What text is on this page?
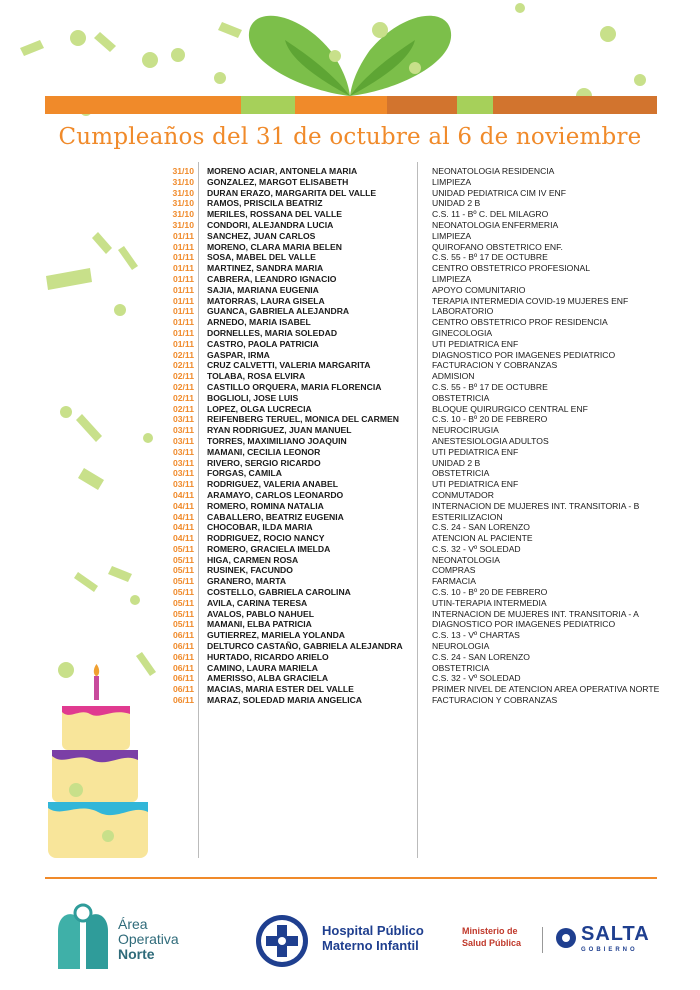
Cumpleaños del 31 de octubre al 6 de noviembre
31/10 MORENO ACIAR, ANTONELA MARIA	NEONATOLOGIA RESIDENCIA
31/10 GONZALEZ, MARGOT ELISABETH	LIMPIEZA
31/10 DURAN ERAZO, MARGARITA DEL VALLE	UNIDAD PEDIATRICA CIM IV ENF
31/10 RAMOS, PRISCILA BEATRIZ	UNIDAD 2 B
31/10 MERILES, ROSSANA DEL VALLE	C.S. 11 - Bº C. DEL MILAGRO
31/10 CONDORI, ALEJANDRA LUCIA	NEONATOLOGIA ENFERMERIA
01/11 SANCHEZ, JUAN CARLOS	LIMPIEZA
01/11 MORENO, CLARA MARIA BELEN	QUIROFANO OBSTETRICO ENF.
01/11 SOSA, MABEL DEL VALLE	C.S. 55 - Bº 17 DE OCTUBRE
01/11 MARTINEZ, SANDRA MARIA	CENTRO OBSTETRICO PROFESIONAL
01/11 CABRERA, LEANDRO IGNACIO	LIMPIEZA
01/11 SAJIA, MARIANA EUGENIA	APOYO COMUNITARIO
01/11 MATORRAS, LAURA GISELA	TERAPIA INTERMEDIA COVID-19 MUJERES ENF
01/11 GUANCA, GABRIELA ALEJANDRA	LABORATORIO
01/11 ARNEDO, MARIA ISABEL	CENTRO OBSTETRICO PROF RESIDENCIA
01/11 DORNELLES, MARIA SOLEDAD	GINECOLOGIA
01/11 CASTRO, PAOLA PATRICIA	UTI PEDIATRICA ENF
02/11 GASPAR, IRMA	DIAGNOSTICO POR IMAGENES PEDIATRICO
02/11 CRUZ CALVETTI, VALERIA MARGARITA	FACTURACION Y COBRANZAS
02/11 TOLABA, ROSA ELVIRA	ADMISION
02/11 CASTILLO ORQUERA, MARIA FLORENCIA	C.S. 55 - Bº 17 DE OCTUBRE
02/11 BOGLIOLI, JOSE LUIS	OBSTETRICIA
02/11 LOPEZ, OLGA LUCRECIA	BLOQUE QUIRURGICO CENTRAL ENF
03/11 REIFENBERG TERUEL, MONICA DEL CARMEN	C.S. 10 - Bº 20 DE FEBRERO
03/11 RYAN RODRIGUEZ, JUAN MANUEL	NEUROCIRUGIA
03/11 TORRES, MAXIMILIANO JOAQUIN	ANESTESIOLOGIA ADULTOS
03/11 MAMANI, CECILIA LEONOR	UTI PEDIATRICA ENF
03/11 RIVERO, SERGIO RICARDO	UNIDAD 2 B
03/11 FORGAS, CAMILA	OBSTETRICIA
03/11 RODRIGUEZ, VALERIA ANABEL	UTI PEDIATRICA ENF
04/11 ARAMAYO, CARLOS LEONARDO	CONMUTADOR
04/11 ROMERO, ROMINA NATALIA	INTERNACION DE MUJERES INT. TRANSITORIA - B
04/11 CABALLERO, BEATRIZ EUGENIA	ESTERILIZACION
04/11 CHOCOBAR, ILDA MARIA	C.S. 24 - SAN LORENZO
04/11 RODRIGUEZ, ROCIO NANCY	ATENCION AL PACIENTE
05/11 ROMERO, GRACIELA IMELDA	C.S. 32 - Vº SOLEDAD
05/11 HIGA, CARMEN ROSA	NEONATOLOGIA
05/11 RUSINEK, FACUNDO	COMPRAS
05/11 GRANERO, MARTA	FARMACIA
05/11 COSTELLO, GABRIELA CAROLINA	C.S. 10 - Bº 20 DE FEBRERO
05/11 AVILA, CARINA TERESA	UTIN-TERAPIA INTERMEDIA
05/11 AVALOS, PABLO NAHUEL	INTERNACION DE MUJERES INT. TRANSITORIA - A
05/11 MAMANI, ELBA PATRICIA	DIAGNOSTICO POR IMAGENES PEDIATRICO
06/11 GUTIERREZ, MARIELA YOLANDA	C.S. 13 - Vº CHARTAS
06/11 DELTURCO CASTAÑO, GABRIELA ALEJANDRA	NEUROLOGIA
06/11 HURTADO, RICARDO ARIELO	C.S. 24 - SAN LORENZO
06/11 CAMINO, LAURA MARIELA	OBSTETRICIA
06/11 AMERISSO, ALBA GRACIELA	C.S. 32 - Vº SOLEDAD
06/11 MACIAS, MARIA ESTER DEL VALLE	PRIMER NIVEL DE ATENCION AREA OPERATIVA NORTE
06/11 MARAZ, SOLEDAD MARIA ANGELICA	FACTURACION Y COBRANZAS
Área
Operativa
Norte
Hospital Público
Materno Infantil
Ministerio de
Salud Pública	SALTA
GOBIERNO
